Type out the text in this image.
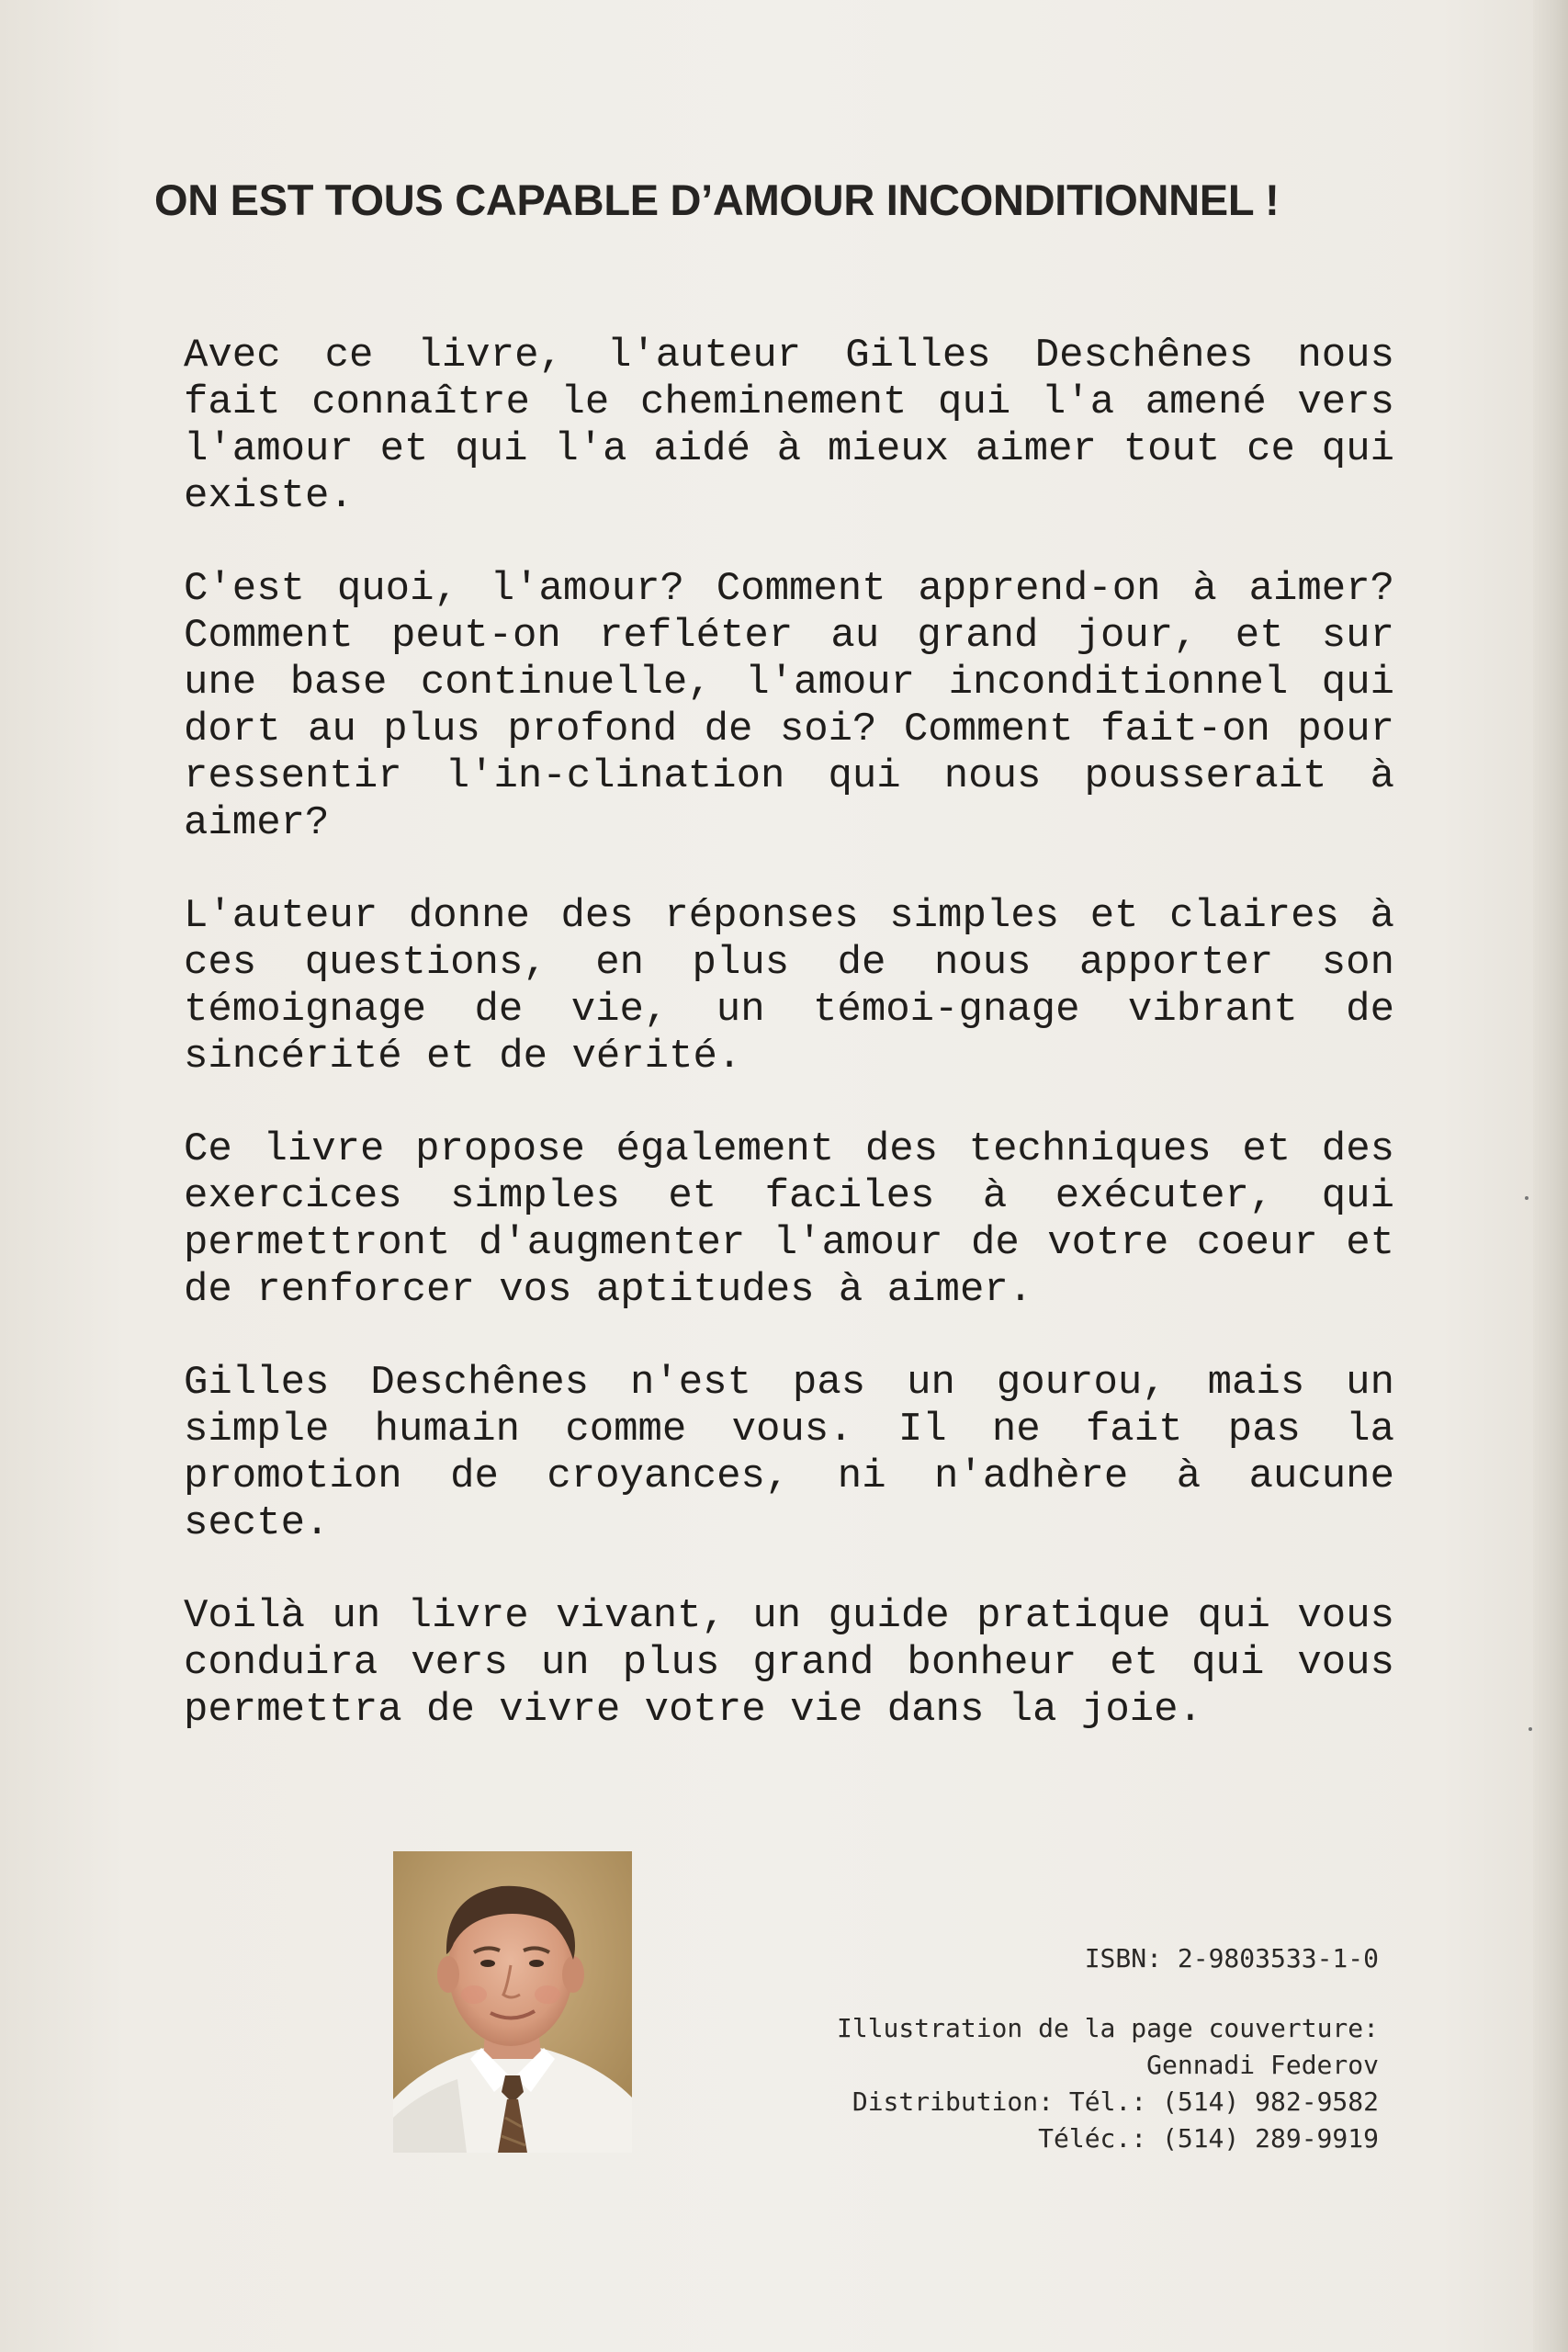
ON EST TOUS CAPABLE D’AMOUR INCONDITIONNEL !

Avec ce livre, l'auteur Gilles Deschênes nous fait connaître le cheminement qui l'a amené vers l'amour et qui l'a aidé à mieux aimer tout ce qui existe.

C'est quoi, l'amour? Comment apprend-on à aimer? Comment peut-on refléter au grand jour, et sur une base continuelle, l'amour inconditionnel qui dort au plus profond de soi? Comment fait-on pour ressentir l'in-clination qui nous pousserait à aimer?

L'auteur donne des réponses simples et claires à ces questions, en plus de nous apporter son témoignage de vie, un témoi-gnage vibrant de sincérité et de vérité.

Ce livre propose également des techniques et des exercices simples et faciles à exécuter, qui permettront d'augmenter l'amour de votre coeur et de renforcer vos aptitudes à aimer.

Gilles Deschênes n'est pas un gourou, mais un simple humain comme vous. Il ne fait pas la promotion de croyances, ni n'adhère à aucune secte.

Voilà un livre vivant, un guide pratique qui vous conduira vers un plus grand bonheur et qui vous permettra de vivre votre vie dans la joie.

ISBN: 2-9803533-1-0
Illustration de la page couverture:
Gennadi Federov
Distribution: Tél.: (514) 982-9582
Téléc.: (514) 289-9919
